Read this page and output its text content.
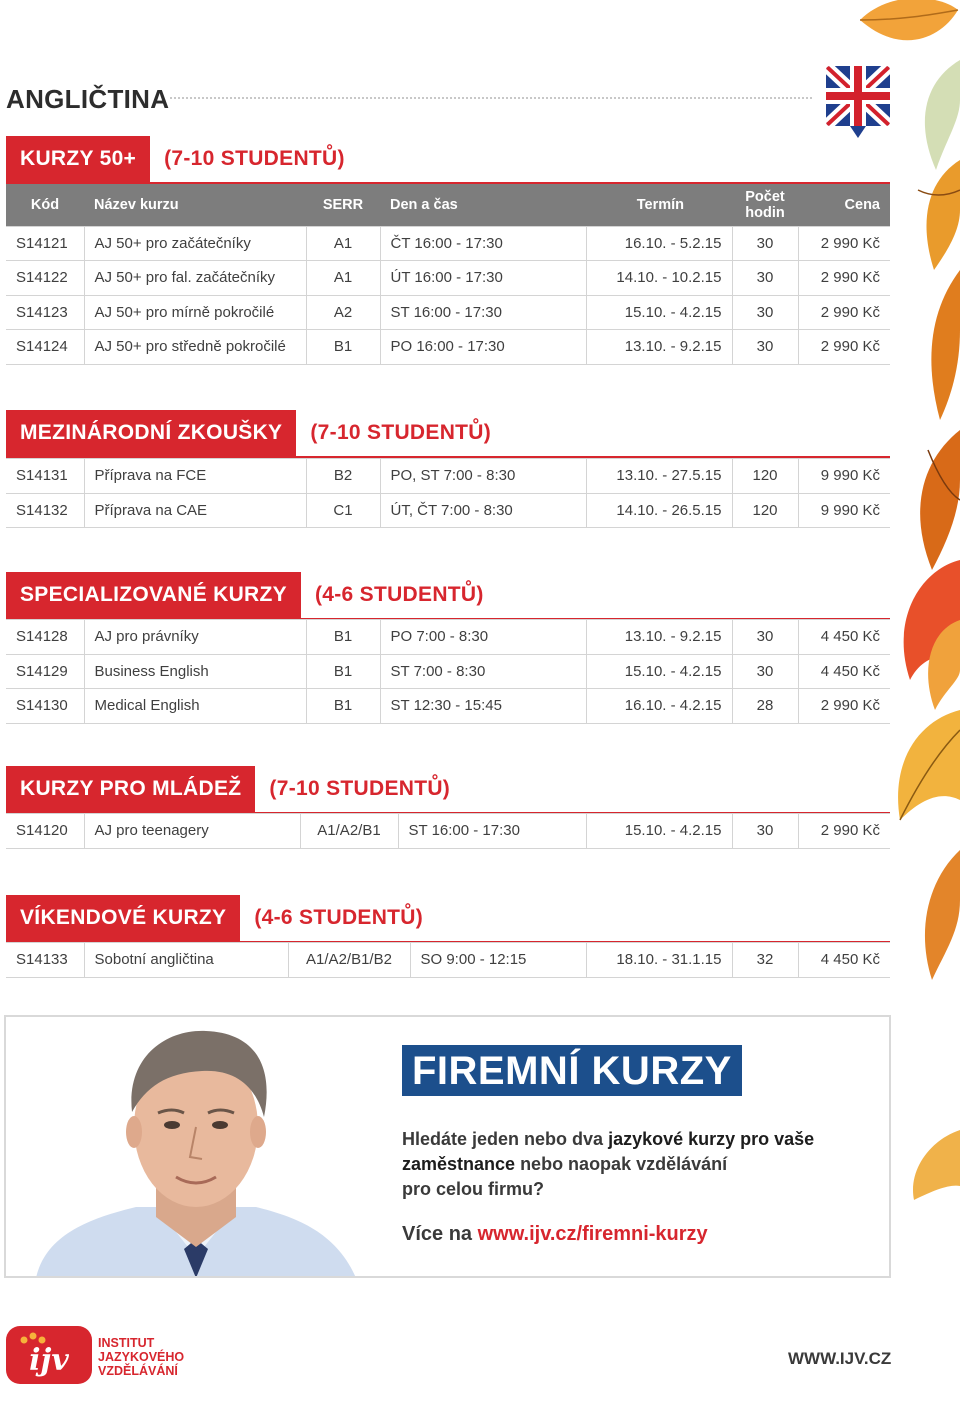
ANGLIČTINA
KURZY 50+	(7-10 STUDENTŮ)
Kód	Název kurzu	SERR	Den a čas	Termín	Počet hodin	Cena
S14121	AJ 50+ pro začátečníky	A1	ČT 16:00 - 17:30	16.10. - 5.2.15	30	2 990 Kč
S14122	AJ 50+ pro fal. začátečníky	A1	ÚT 16:00 - 17:30	14.10. - 10.2.15	30	2 990 Kč
S14123	AJ 50+ pro mírně pokročilé	A2	ST 16:00 - 17:30	15.10. - 4.2.15	30	2 990 Kč
S14124	AJ 50+ pro středně pokročilé	B1	PO 16:00 - 17:30	13.10. - 9.2.15	30	2 990 Kč
MEZINÁRODNÍ ZKOUŠKY	(7-10 STUDENTŮ)
S14131	Příprava na FCE	B2	PO, ST 7:00 - 8:30	13.10. - 27.5.15	120	9 990 Kč
S14132	Příprava na CAE	C1	ÚT, ČT 7:00 - 8:30	14.10. - 26.5.15	120	9 990 Kč
SPECIALIZOVANÉ KURZY	(4-6 STUDENTŮ)
S14128	AJ pro právníky	B1	PO 7:00 - 8:30	13.10. - 9.2.15	30	4 450 Kč
S14129	Business English	B1	ST 7:00 - 8:30	15.10. - 4.2.15	30	4 450 Kč
S14130	Medical English	B1	ST 12:30 - 15:45	16.10. - 4.2.15	28	2 990 Kč
KURZY PRO MLÁDEŽ	(7-10 STUDENTŮ)
S14120	AJ pro teenagery	A1/A2/B1	ST 16:00 - 17:30	15.10. - 4.2.15	30	2 990 Kč
VÍKENDOVÉ KURZY	(4-6 STUDENTŮ)
S14133	Sobotní angličtina	A1/A2/B1/B2	SO 9:00 - 12:15	18.10. - 31.1.15	32	4 450 Kč
FIREMNÍ KURZY
Hledáte jeden nebo dva jazykové kurzy pro vaše
zaměstnance nebo naopak vzdělávání
pro celou firmu?
Více na www.ijv.cz/firemni-kurzy
ijv INSTITUT
JAZYKOVÉHO
VZDĚLÁVÁNÍ
WWW.IJV.CZ
